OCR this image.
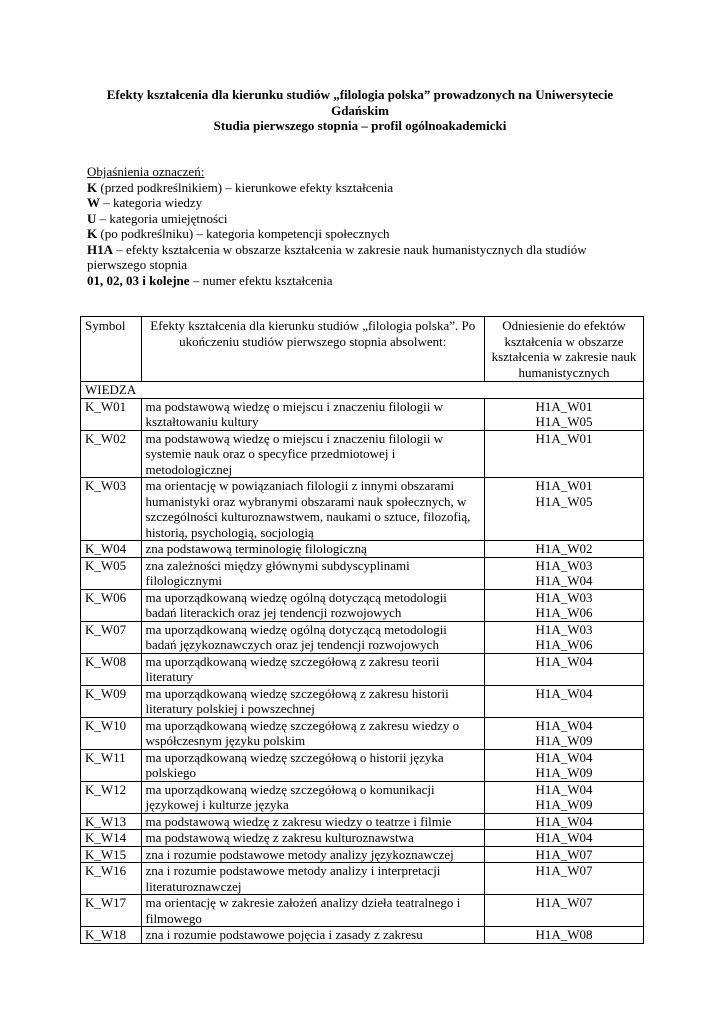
Efekty kształcenia dla kierunku studiów „filologia polska” prowadzonych na Uniwersytecie
Gdańskim
Studia pierwszego stopnia – profil ogólnoakademicki
Objaśnienia oznaczeń:
K (przed podkreślnikiem) – kierunkowe efekty kształcenia
W – kategoria wiedzy
U – kategoria umiejętności
K (po podkreślniku) – kategoria kompetencji społecznych
H1A – efekty kształcenia w obszarze kształcenia w zakresie nauk humanistycznych dla studiów pierwszego stopnia
01, 02, 03 i kolejne – numer efektu kształcenia
Symbol	Efekty kształcenia dla kierunku studiów „filologia polska”. Po ukończeniu studiów pierwszego stopnia absolwent:	Odniesienie do efektów kształcenia w obszarze kształcenia w zakresie nauk humanistycznych
WIEDZA		
K_W01	ma podstawową wiedzę o miejscu i znaczeniu filologii w kształtowaniu kultury	H1A_W01
H1A_W05

K_W02	ma podstawową wiedzę o miejscu i znaczeniu filologii w systemie nauk oraz o specyfice przedmiotowej i metodologicznej	H1A_W01

K_W03	ma orientację w powiązaniach filologii z innymi obszarami humanistyki oraz wybranymi obszarami nauk społecznych, w szczególności kulturoznawstwem, naukami o sztuce, filozofią, historią, psychologią, socjologią	H1A_W01
H1A_W05

K_W04	zna podstawową terminologię filologiczną	H1A_W02

K_W05	zna zależności między głównymi subdyscyplinami filologicznymi	H1A_W03
H1A_W04

K_W06	ma uporządkowaną wiedzę ogólną dotyczącą metodologii badań literackich oraz jej tendencji rozwojowych	H1A_W03
H1A_W06

K_W07	ma uporządkowaną wiedzę ogólną dotyczącą metodologii badań językoznawczych oraz jej tendencji rozwojowych	H1A_W03
H1A_W06

K_W08	ma uporządkowaną wiedzę szczegółową z zakresu teorii literatury	H1A_W04

K_W09	ma uporządkowaną wiedzę szczegółową z zakresu historii literatury polskiej i powszechnej	H1A_W04

K_W10	ma uporządkowaną wiedzę szczegółową z zakresu wiedzy o współczesnym języku polskim	H1A_W04
H1A_W09

K_W11	ma uporządkowaną wiedzę szczegółową o historii języka polskiego	H1A_W04
H1A_W09

K_W12	ma uporządkowaną wiedzę szczegółową o komunikacji językowej i kulturze języka	H1A_W04
H1A_W09

K_W13	ma podstawową wiedzę z zakresu wiedzy o teatrze i filmie	H1A_W04

K_W14	ma podstawową wiedzę z zakresu kulturoznawstwa	H1A_W04

K_W15	zna i rozumie podstawowe metody analizy językoznawczej	H1A_W07

K_W16	zna i rozumie podstawowe metody analizy i interpretacji literaturoznawczej	H1A_W07

K_W17	ma orientację w zakresie założeń analizy dzieła teatralnego i filmowego	H1A_W07

K_W18	zna i rozumie podstawowe pojęcia i zasady z zakresu	H1A_W08
